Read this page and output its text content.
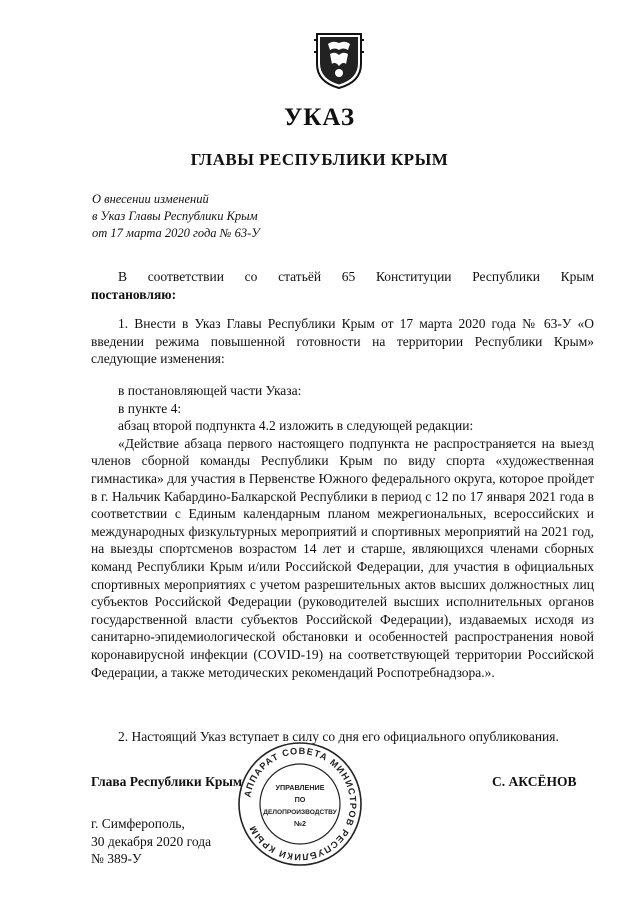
УКАЗ
ГЛАВЫ РЕСПУБЛИКИ КРЫМ
О внесении изменений
в Указ Главы Республики Крым
от 17 марта 2020 года № 63-У

В соответствии со статьёй 65 Конституции Республики Крым

постановляю:

1. Внести в Указ Главы Республики Крым от 17 марта 2020 года № 63-У «О введении режима повышенной готовности на территории Республики Крым» следующие изменения:

в постановляющей части Указа:

в пункте 4:

абзац второй подпункта 4.2 изложить в следующей редакции:

«Действие абзаца первого настоящего подпункта не распространяется на выезд членов сборной команды Республики Крым по виду спорта «художественная гимнастика» для участия в Первенстве Южного федерального округа, которое пройдет в г. Нальчик Кабардино-Балкарской Республики в период с 12 по 17 января 2021 года в соответствии с Единым календарным планом межрегиональных, всероссийских и международных физкультурных мероприятий и спортивных мероприятий на 2021 год, на выезды спортсменов возрастом 14 лет и старше, являющихся членами сборных команд Республики Крым и/или Российской Федерации, для участия в официальных спортивных мероприятиях с учетом разрешительных актов высших должностных лиц субъектов Российской Федерации (руководителей высших исполнительных органов государственной власти субъектов Российской Федерации), издаваемых исходя из санитарно-эпидемиологической обстановки и особенностей распространения новой коронавирусной инфекции (COVID-19) на соответствующей территории Российской Федерации, а также методических рекомендаций Роспотребнадзора.».

2. Настоящий Указ вступает в силу со дня его официального опубликования.

Глава Республики Крым	С. АКСЁНОВ
г. Симферополь,
30 декабря 2020 года
№ 389-У
АППАРАТ СОВЕТА МИНИСТРОВ РЕСПУБЛИКИ КРЫМ
УПРАВЛЕНИЕ
ПО
ДЕЛОПРОИЗВОДСТВУ
№2
